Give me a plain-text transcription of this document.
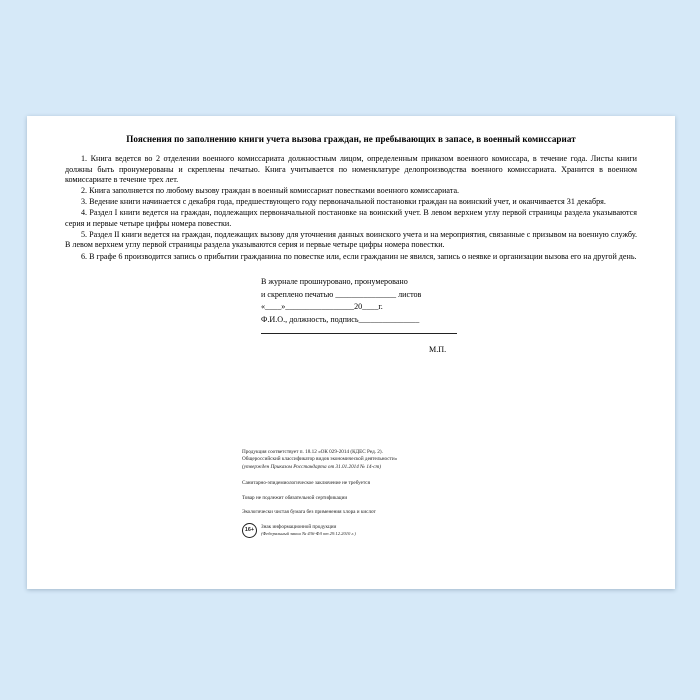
Пояснения по заполнению книги учета вызова граждан, не пребывающих в запасе, в военный комиссариат

1. Книга ведется во 2 отделении военного комиссариата должностным лицом, определенным приказом военного комиссара, в течение года. Листы книги должны быть пронумерованы и скреплены печатью. Книга учитывается по номенклатуре делопроизводства военного комиссариата. Хранится в военном комиссариате в течение трех лет.

2. Книга заполняется по любому вызову граждан в военный комиссариат повестками военного комиссариата.

3. Ведение книги начинается с декабря года, предшествующего году первоначальной постановки граждан на воинский учет, и оканчивается 31 декабря.

4. Раздел I книги ведется на граждан, подлежащих первоначальной постановке на воинский учет. В левом верхнем углу первой страницы раздела указываются серия и первые четыре цифры номера повестки.

5. Раздел II книги ведется на граждан, подлежащих вызову для уточнения данных воинского учета и на мероприятия, связанные с призывом на военную службу. В левом верхнем углу первой страницы раздела указываются серия и первые четыре цифры номера повестки.

6. В графе 6 производится запись о прибытии гражданина по повестке или, если гражданин не явился, запись о неявке и организации вызова его на другой день.

В журнале прошнуровано, пронумеровано
и скреплено печатью _______________ листов
«____»_________________20____г.
Ф.И.О., должность, подпись_______________
М.П.

Продукция соответствует п. 18.12 «ОК 029-2014 (КДЕС Ред. 2).

Общероссийский классификатор видов экономической деятельности»

(утвержден Приказом Росстандарта от 31.01.2014 № 14-ст)

Санитарно-эпидемиологическое заключение не требуется

Товар не подлежит обязательной сертификации

Экологически чистая бумага без применения хлора и кислот

16+	Знак информационной продукции
(Федеральный закон № 436-ФЗ от 29.12.2010 г.)
